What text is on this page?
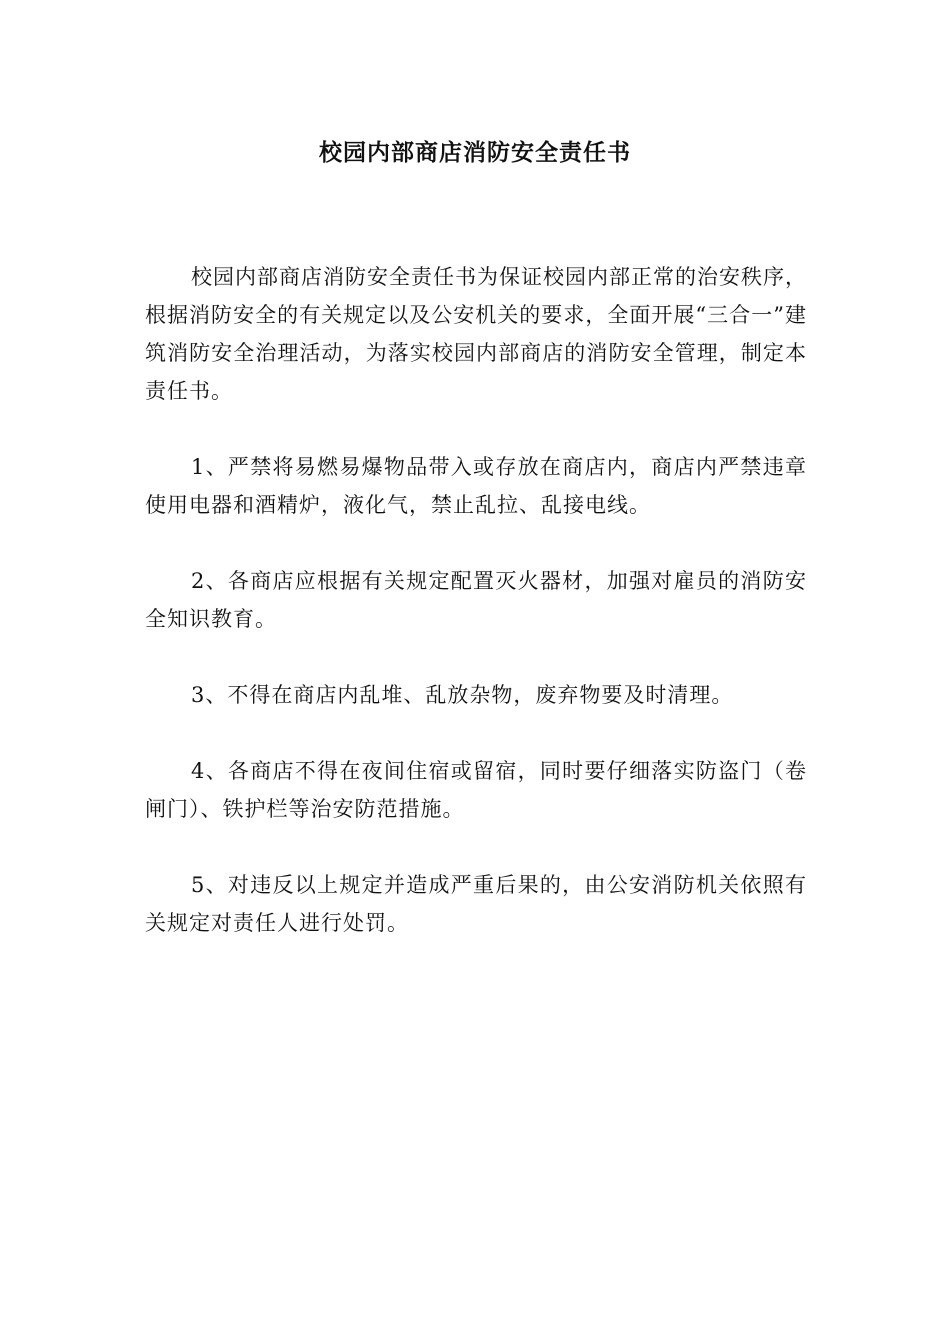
校园内部商店消防安全责任书

校园内部商店消防安全责任书为保证校园内部正常的治安秩序，根据消防安全的有关规定以及公安机关的要求，全面开展“三合一”建筑消防安全治理活动，为落实校园内部商店的消防安全管理，制定本责任书。

1、严禁将易燃易爆物品带入或存放在商店内，商店内严禁违章使用电器和酒精炉，液化气，禁止乱拉、乱接电线。

2、各商店应根据有关规定配置灭火器材，加强对雇员的消防安全知识教育。

3、不得在商店内乱堆、乱放杂物，废弃物要及时清理。

4、各商店不得在夜间住宿或留宿，同时要仔细落实防盗门（卷闸门）、铁护栏等治安防范措施。

5、对违反以上规定并造成严重后果的，由公安消防机关依照有关规定对责任人进行处罚。
